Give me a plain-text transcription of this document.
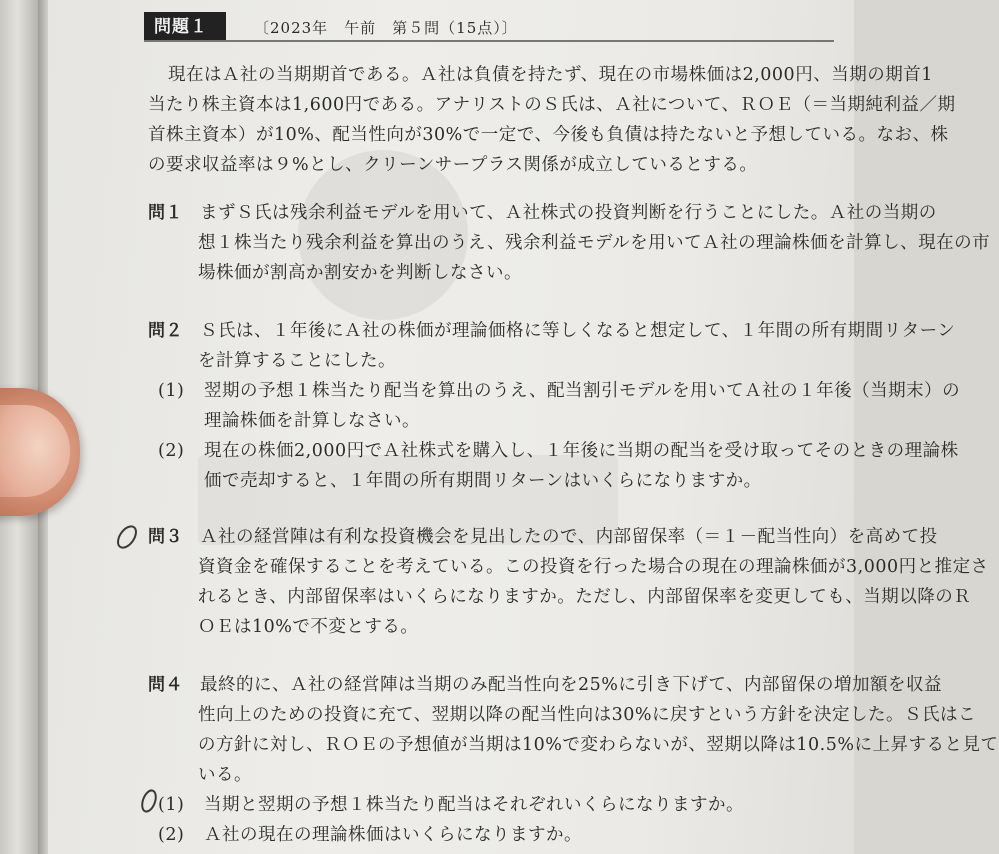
問題１	〔2023年　午前　第５問（15点）〕
現在はＡ社の当期期首である。Ａ社は負債を持たず、現在の市場株価は2,000円、当期の期首1
当たり株主資本は1,600円である。アナリストのＳ氏は、Ａ社について、ＲＯＥ（＝当期純利益／期
首株主資本）が10%、配当性向が30%で一定で、今後も負債は持たないと予想している。なお、株
の要求収益率は９%とし、クリーンサープラス関係が成立しているとする。
問１ まずＳ氏は残余利益モデルを用いて、Ａ社株式の投資判断を行うことにした。Ａ社の当期の
想１株当たり残余利益を算出のうえ、残余利益モデルを用いてＡ社の理論株価を計算し、現在の市
場株価が割高か割安かを判断しなさい。
問２ Ｓ氏は、１年後にＡ社の株価が理論価格に等しくなると想定して、１年間の所有期間リターン
を計算することにした。
(1) 翌期の予想１株当たり配当を算出のうえ、配当割引モデルを用いてＡ社の１年後（当期末）の
理論株価を計算しなさい。
(2) 現在の株価2,000円でＡ社株式を購入し、１年後に当期の配当を受け取ってそのときの理論株
価で売却すると、１年間の所有期間リターンはいくらになりますか。
問３ Ａ社の経営陣は有利な投資機会を見出したので、内部留保率（＝１－配当性向）を高めて投
資資金を確保することを考えている。この投資を行った場合の現在の理論株価が3,000円と推定さ
れるとき、内部留保率はいくらになりますか。ただし、内部留保率を変更しても、当期以降のＲ
ＯＥは10%で不変とする。
問４ 最終的に、Ａ社の経営陣は当期のみ配当性向を25%に引き下げて、内部留保の増加額を収益
性向上のための投資に充て、翌期以降の配当性向は30%に戻すという方針を決定した。Ｓ氏はこ
の方針に対し、ＲＯＥの予想値が当期は10%で変わらないが、翌期以降は10.5%に上昇すると見て
いる。
(1) 当期と翌期の予想１株当たり配当はそれぞれいくらになりますか。
(2) Ａ社の現在の理論株価はいくらになりますか。
